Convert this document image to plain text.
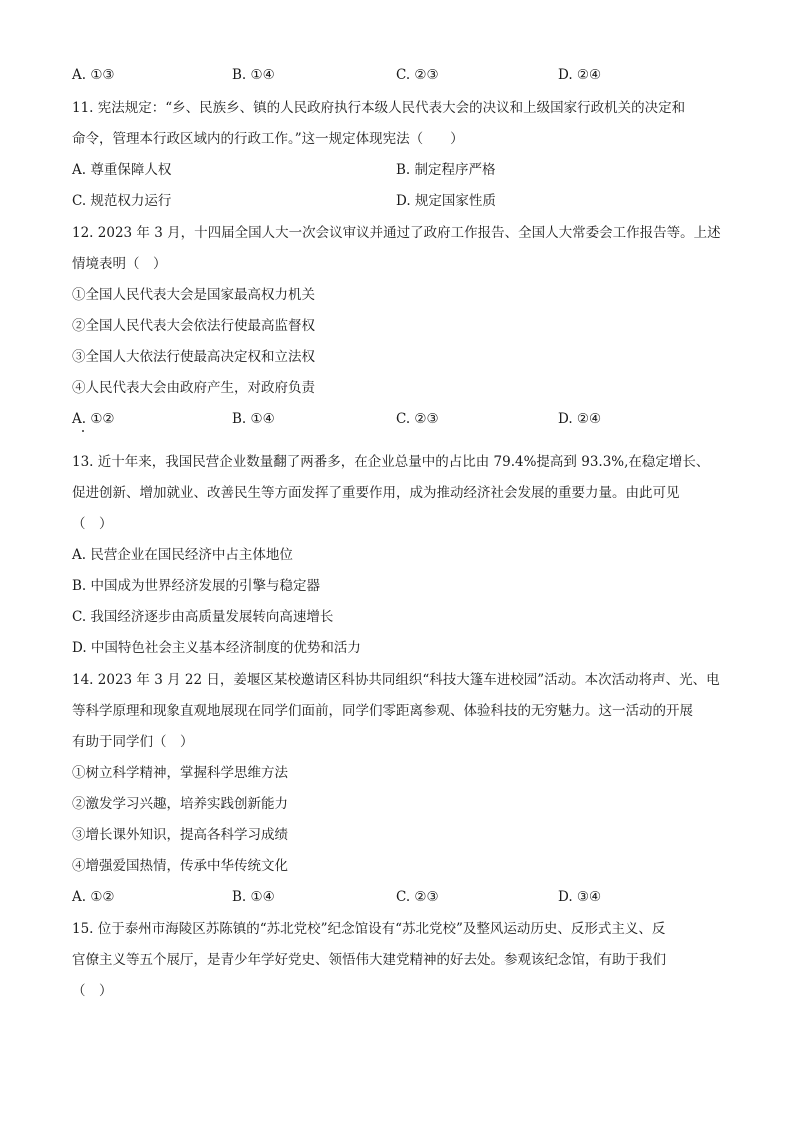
A. ①③	B. ①④	C. ②③	D. ②④
11. 宪法规定：“乡、民族乡、镇的人民政府执行本级人民代表大会的决议和上级国家行政机关的决定和
命令，管理本行政区域内的行政工作。”这一规定体现宪法（　　）
A. 尊重保障人权	B. 制定程序严格
C. 规范权力运行	D. 规定国家性质
12. 2023 年 3 月，十四届全国人大一次会议审议并通过了政府工作报告、全国人大常委会工作报告等。上述
情境表明（　）
①全国人民代表大会是国家最高权力机关
②全国人民代表大会依法行使最高监督权
③全国人大依法行使最高决定权和立法权
④人民代表大会由政府产生，对政府负责
A. ①②	B. ①④	C. ②③	D. ②④
13. 近十年来，我国民营企业数量翻了两番多，在企业总量中的占比由 79.4%提高到 93.3%,在稳定增长、
促进创新、增加就业、改善民生等方面发挥了重要作用，成为推动经济社会发展的重要力量。由此可见
（　）
A. 民营企业在国民经济中占主体地位
B. 中国成为世界经济发展的引擎与稳定器
C. 我国经济逐步由高质量发展转向高速增长
D. 中国特色社会主义基本经济制度的优势和活力
14. 2023 年 3 月 22 日，姜堰区某校邀请区科协共同组织“科技大篷车进校园”活动。本次活动将声、光、电
等科学原理和现象直观地展现在同学们面前，同学们零距离参观、体验科技的无穷魅力。这一活动的开展
有助于同学们（　）
①树立科学精神，掌握科学思维方法
②激发学习兴趣，培养实践创新能力
③增长课外知识，提高各科学习成绩
④增强爱国热情，传承中华传统文化
A. ①②	B. ①④	C. ②③	D. ③④
15. 位于泰州市海陵区苏陈镇的“苏北党校”纪念馆设有“苏北党校”及整风运动历史、反形式主义、反
官僚主义等五个展厅，是青少年学好党史、领悟伟大建党精神的好去处。参观该纪念馆，有助于我们
（　）
